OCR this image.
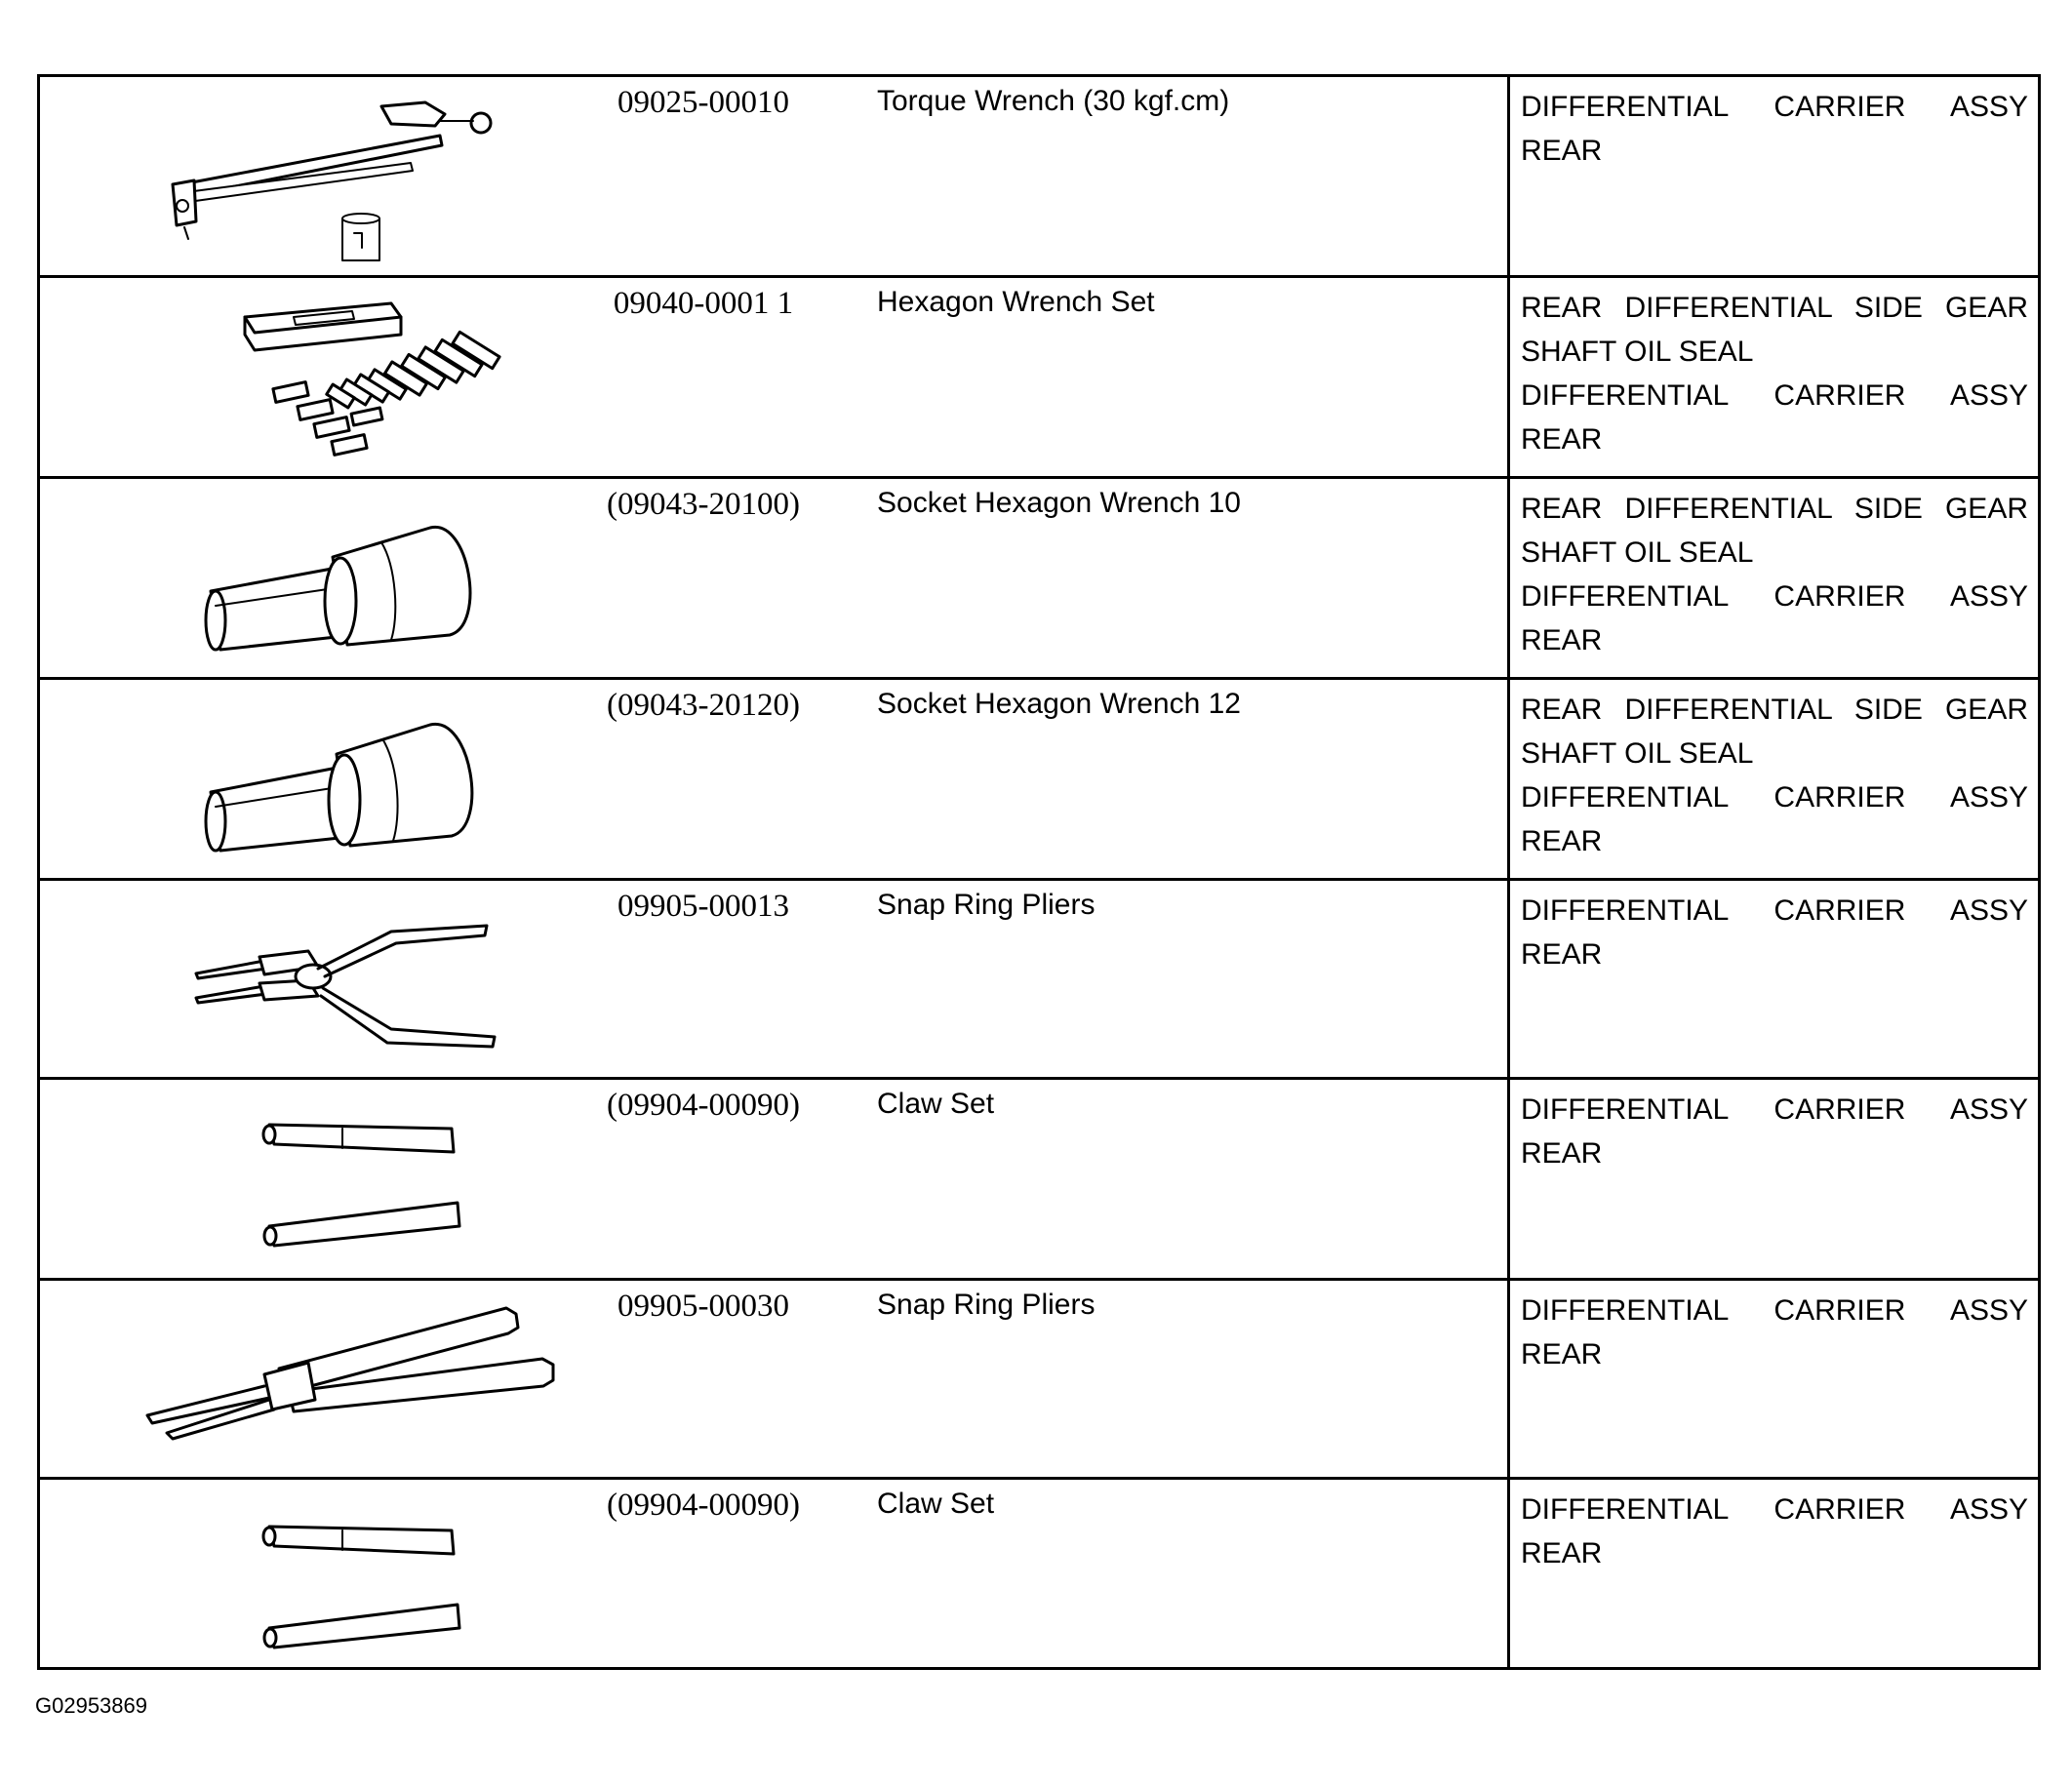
09025-00010	Torque Wrench (30 kgf.cm)	DIFFERENTIAL CARRIER ASSY
REAR
09040-0001 1	Hexagon Wrench Set	REAR DIFFERENTIAL SIDE GEAR
SHAFT OIL SEAL
DIFFERENTIAL CARRIER ASSY
REAR
(09043-20100)	Socket Hexagon Wrench 10	REAR DIFFERENTIAL SIDE GEAR
SHAFT OIL SEAL
DIFFERENTIAL CARRIER ASSY
REAR
(09043-20120)	Socket Hexagon Wrench 12	REAR DIFFERENTIAL SIDE GEAR
SHAFT OIL SEAL
DIFFERENTIAL CARRIER ASSY
REAR
09905-00013	Snap Ring Pliers	DIFFERENTIAL CARRIER ASSY
REAR
(09904-00090)	Claw Set	DIFFERENTIAL CARRIER ASSY
REAR
09905-00030	Snap Ring Pliers	DIFFERENTIAL CARRIER ASSY
REAR
(09904-00090)	Claw Set	DIFFERENTIAL CARRIER ASSY
REAR
G02953869
